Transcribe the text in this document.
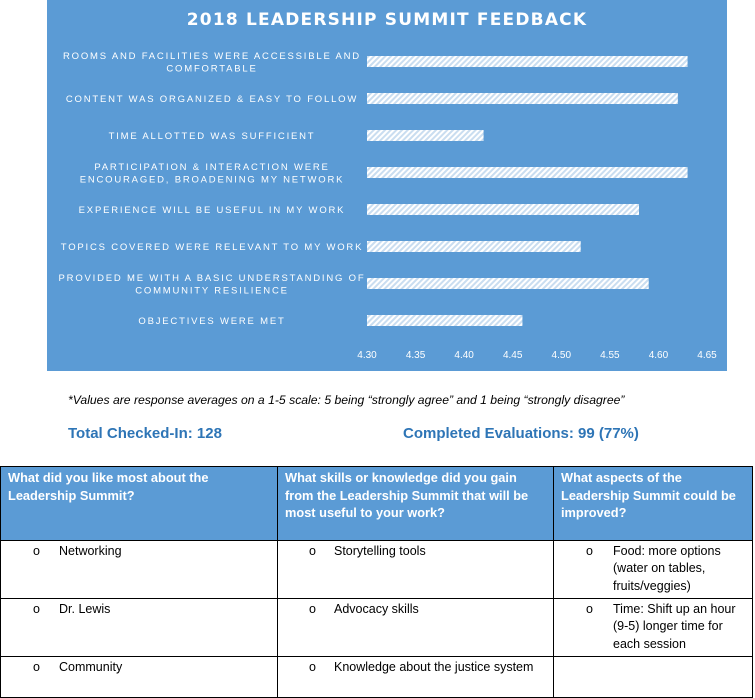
2018 LEADERSHIP SUMMIT FEEDBACK
ROOMS AND FACILITIES WERE ACCESSIBLE AND COMFORTABLE
CONTENT WAS ORGANIZED & EASY TO FOLLOW
TIME ALLOTTED WAS SUFFICIENT
PARTICIPATION & INTERACTION WERE ENCOURAGED, BROADENING MY NETWORK
EXPERIENCE WILL BE USEFUL IN MY WORK
TOPICS COVERED WERE RELEVANT TO MY WORK
PROVIDED ME WITH A BASIC UNDERSTANDING OF COMMUNITY RESILIENCE
OBJECTIVES WERE MET
4.30	4.35	4.40	4.45	4.50	4.55	4.60	4.65
*Values are response averages on a 1-5 scale: 5 being “strongly agree” and 1 being “strongly disagree”
Total Checked-In: 128	Completed Evaluations: 99 (77%)
What did you like most about the Leadership Summit?	What skills or knowledge did you gain from the Leadership Summit that will be most useful to your work?	What aspects of the Leadership Summit could be improved?

o Networking	o Storytelling tools	o Food: more options (water on tables, fruits/veggies)

o Dr. Lewis	o Advocacy skills	o Time: Shift up an hour (9-5) longer time for each session

o Community	o Knowledge about the justice system	
